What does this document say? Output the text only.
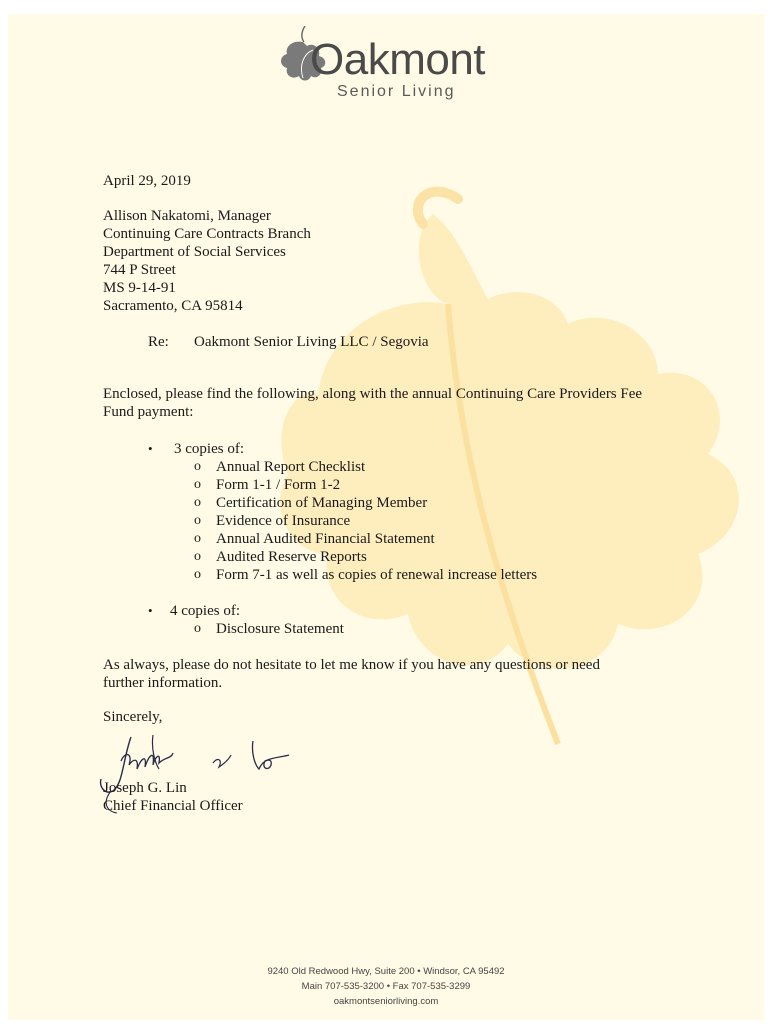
Oakmont
Senior Living
April 29, 2019
Allison Nakatomi, Manager
Continuing Care Contracts Branch
Department of Social Services
744 P Street
MS 9-14-91
Sacramento, CA 95814
Re: Oakmont Senior Living LLC / Segovia
Enclosed, please find the following, along with the annual Continuing Care Providers Fee
Fund payment:
• 3 copies of:
o Annual Report Checklist
o Form 1-1 / Form 1-2
o Certification of Managing Member
o Evidence of Insurance
o Annual Audited Financial Statement
o Audited Reserve Reports
o Form 7-1 as well as copies of renewal increase letters
• 4 copies of:
o Disclosure Statement
As always, please do not hesitate to let me know if you have any questions or need
further information.
Sincerely,
Joseph G. Lin
Chief Financial Officer
9240 Old Redwood Hwy, Suite 200 • Windsor, CA 95492
Main 707-535-3200 • Fax 707-535-3299
oakmontseniorliving.com
